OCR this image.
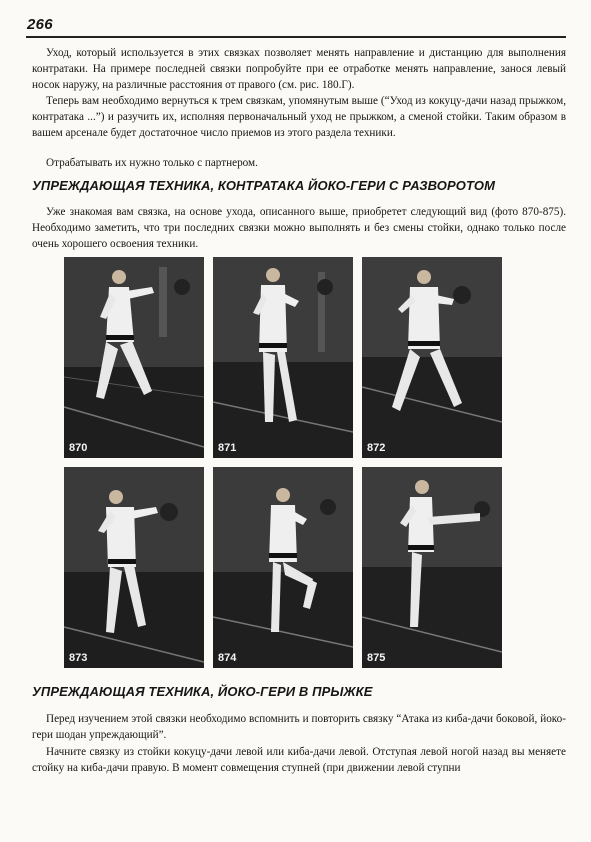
266

Уход, который используется в этих связках позволяет менять направление и дистанцию для выполнения контратаки. На примере последней связки попробуйте при ее отработке менять направление, занося левый носок наружу, на различные расстояния от правого (см. рис. 180.Г).

Теперь вам необходимо вернуться к трем связкам, упомянутым выше (“Уход из кокуцу-дачи назад прыжком, контратака ...”) и разучить их, исполняя первоначальный уход не прыжком, а сменой стойки. Таким образом в вашем арсенале будет достаточное число приемов из этого раздела техники.

Отрабатывать их нужно только с партнером.

УПРЕЖДАЮЩАЯ ТЕХНИКА, КОНТРАТАКА ЙОКО-ГЕРИ С РАЗВОРОТОМ

Уже знакомая вам связка, на основе ухода, описанного выше, приобретет следующий вид (фото 870-875). Необходимо заметить, что три последних связки можно выполнять и без смены стойки, однако только после очень хорошего освоения техники.

870	871	872
873	874	875
УПРЕЖДАЮЩАЯ ТЕХНИКА, ЙОКО-ГЕРИ В ПРЫЖКЕ

Перед изучением этой связки необходимо вспомнить и повторить связку “Атака из киба-дачи боковой, йоко-гери шодан упреждающий”.

Начните связку из стойки кокуцу-дачи левой или киба-дачи левой. Отступая левой ногой назад вы меняете стойку на киба-дачи правую. В момент совмещения ступней (при движении левой ступни
